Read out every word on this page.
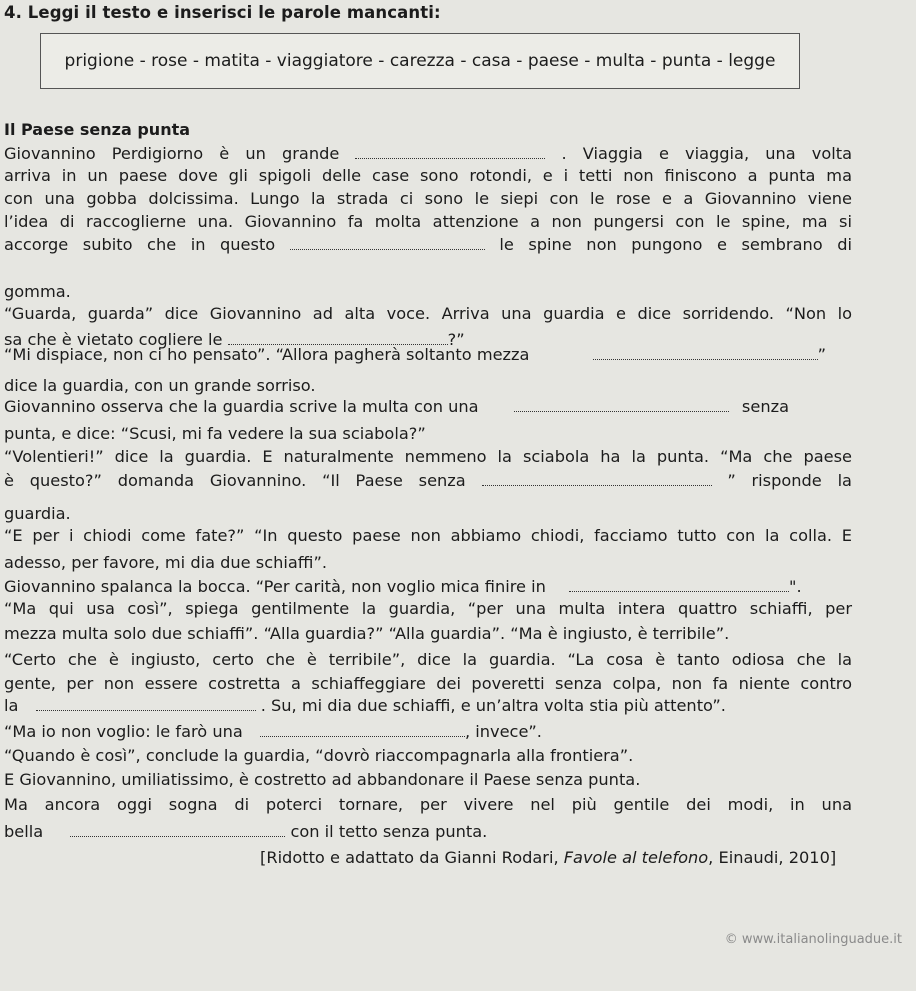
4. Leggi il testo e inserisci le parole mancanti:
prigione - rose - matita - viaggiatore - carezza - casa - paese - multa - punta - legge
Il Paese senza punta
Giovannino Perdigiorno è un grande	. Viaggia e viaggia, una volta
arriva in un paese dove gli spigoli delle case sono rotondi, e i tetti non finiscono a punta ma
con una gobba dolcissima. Lungo la strada ci sono le siepi con le rose e a Giovannino viene
l’idea di raccoglierne una. Giovannino fa molta attenzione a non pungersi con le spine, ma si
accorge subito che in questo	le spine non pungono e sembrano di
gomma.
“Guarda, guarda” dice Giovannino ad alta voce. Arriva una guardia e dice sorridendo. “Non lo
sa che è vietato cogliere le	?”
“Mi dispiace, non ci ho pensato”. “Allora pagherà soltanto mezza	”
dice la guardia, con un grande sorriso.
Giovannino osserva che la guardia scrive la multa con una	senza
punta, e dice: “Scusi, mi fa vedere la sua sciabola?”
“Volentieri!” dice la guardia. E naturalmente nemmeno la sciabola ha la punta. “Ma che paese
è questo?” domanda Giovannino. “Il Paese senza	” risponde la
guardia.
“E per i chiodi come fate?” “In questo paese non abbiamo chiodi, facciamo tutto con la colla. E
adesso, per favore, mi dia due schiaffi”.
Giovannino spalanca la bocca. “Per carità, non voglio mica finire in	".
“Ma qui usa così”, spiega gentilmente la guardia, “per una multa intera quattro schiaffi, per
mezza multa solo due schiaffi”. “Alla guardia?” “Alla guardia”. “Ma è ingiusto, è terribile”.
“Certo che è ingiusto, certo che è terribile”, dice la guardia. “La cosa è tanto odiosa che la
gente, per non essere costretta a schiaffeggiare dei poveretti senza colpa, non fa niente contro
la	. Su, mi dia due schiaffi, e un’altra volta stia più attento”.
“Ma io non voglio: le farò una	, invece”.
“Quando è così”, conclude la guardia, “dovrò riaccompagnarla alla frontiera”.
E Giovannino, umiliatissimo, è costretto ad abbandonare il Paese senza punta.
Ma ancora oggi sogna di poterci tornare, per vivere nel più gentile dei modi, in una
bella	con il tetto senza punta.
[Ridotto e adattato da Gianni Rodari, Favole al telefono, Einaudi, 2010]
© www.italianolinguadue.it
